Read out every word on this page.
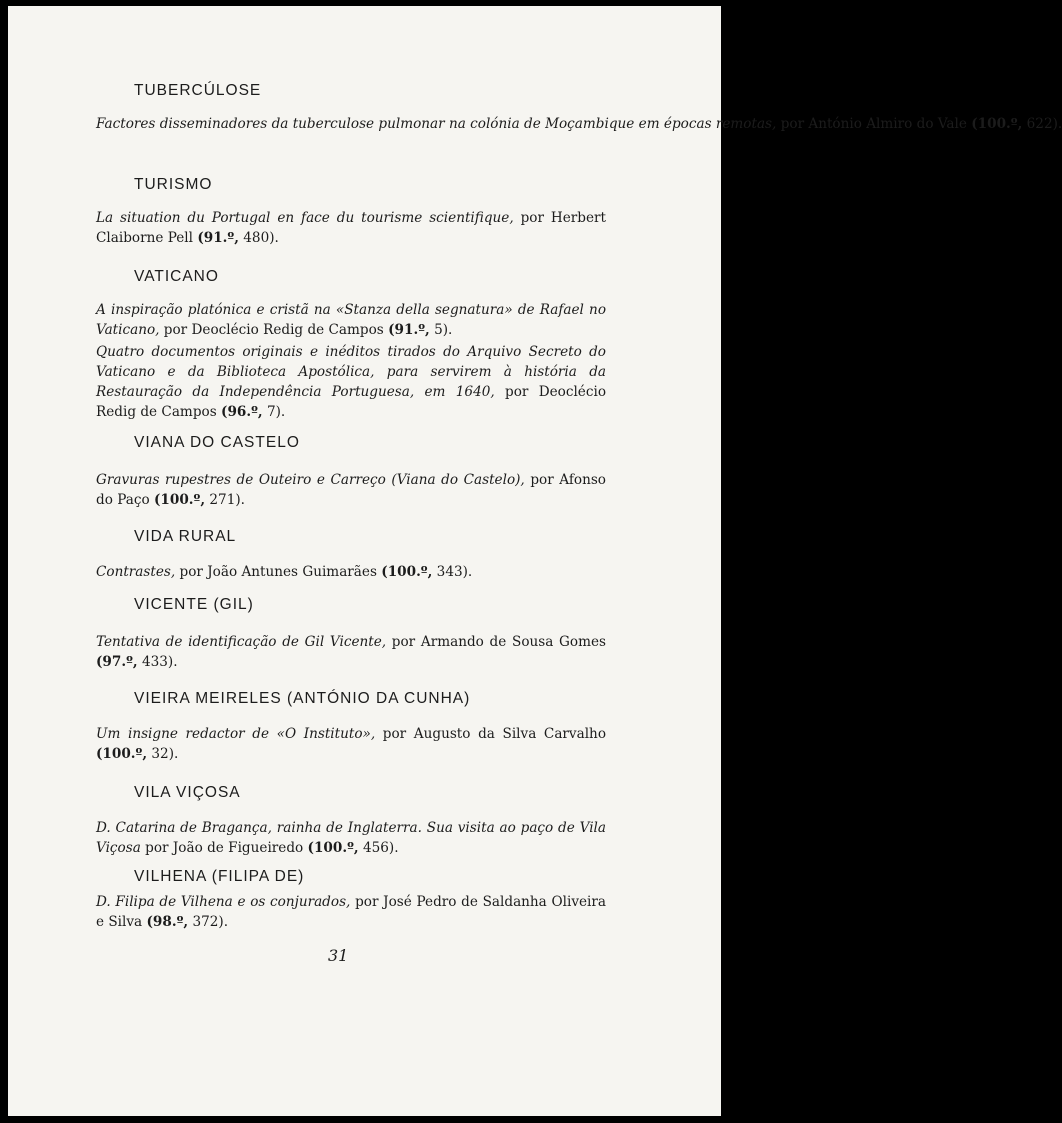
TUBERCÚLOSE
Factores disseminadores da tuberculose pulmonar na colónia de Moçambique em épocas remotas, por António Almiro do Vale (100.º, 622).
TURISMO
La situation du Portugal en face du tourisme scientifique, por Herbert Claiborne Pell (91.º, 480).
VATICANO
A inspiração platónica e cristã na «Stanza della segnatura» de Rafael no Vaticano, por Deoclécio Redig de Campos (91.º, 5).
Quatro documentos originais e inéditos tirados do Arquivo Secreto do Vaticano e da Biblioteca Apostólica, para servirem à história da Restauração da Independência Portuguesa, em 1640, por Deoclécio Redig de Campos (96.º, 7).
VIANA DO CASTELO
Gravuras rupestres de Outeiro e Carreço (Viana do Castelo), por Afonso do Paço (100.º, 271).
VIDA RURAL
Contrastes, por João Antunes Guimarães (100.º, 343).
VICENTE (GIL)
Tentativa de identificação de Gil Vicente, por Armando de Sousa Gomes (97.º, 433).
VIEIRA MEIRELES (ANTÓNIO DA CUNHA)
Um insigne redactor de «O Instituto», por Augusto da Silva Carvalho (100.º, 32).
VILA VIÇOSA
D. Catarina de Bragança, rainha de Inglaterra. Sua visita ao paço de Vila Viçosa por João de Figueiredo (100.º, 456).
VILHENA (FILIPA DE)
D. Filipa de Vilhena e os conjurados, por José Pedro de Saldanha Oliveira e Silva (98.º, 372).
31
